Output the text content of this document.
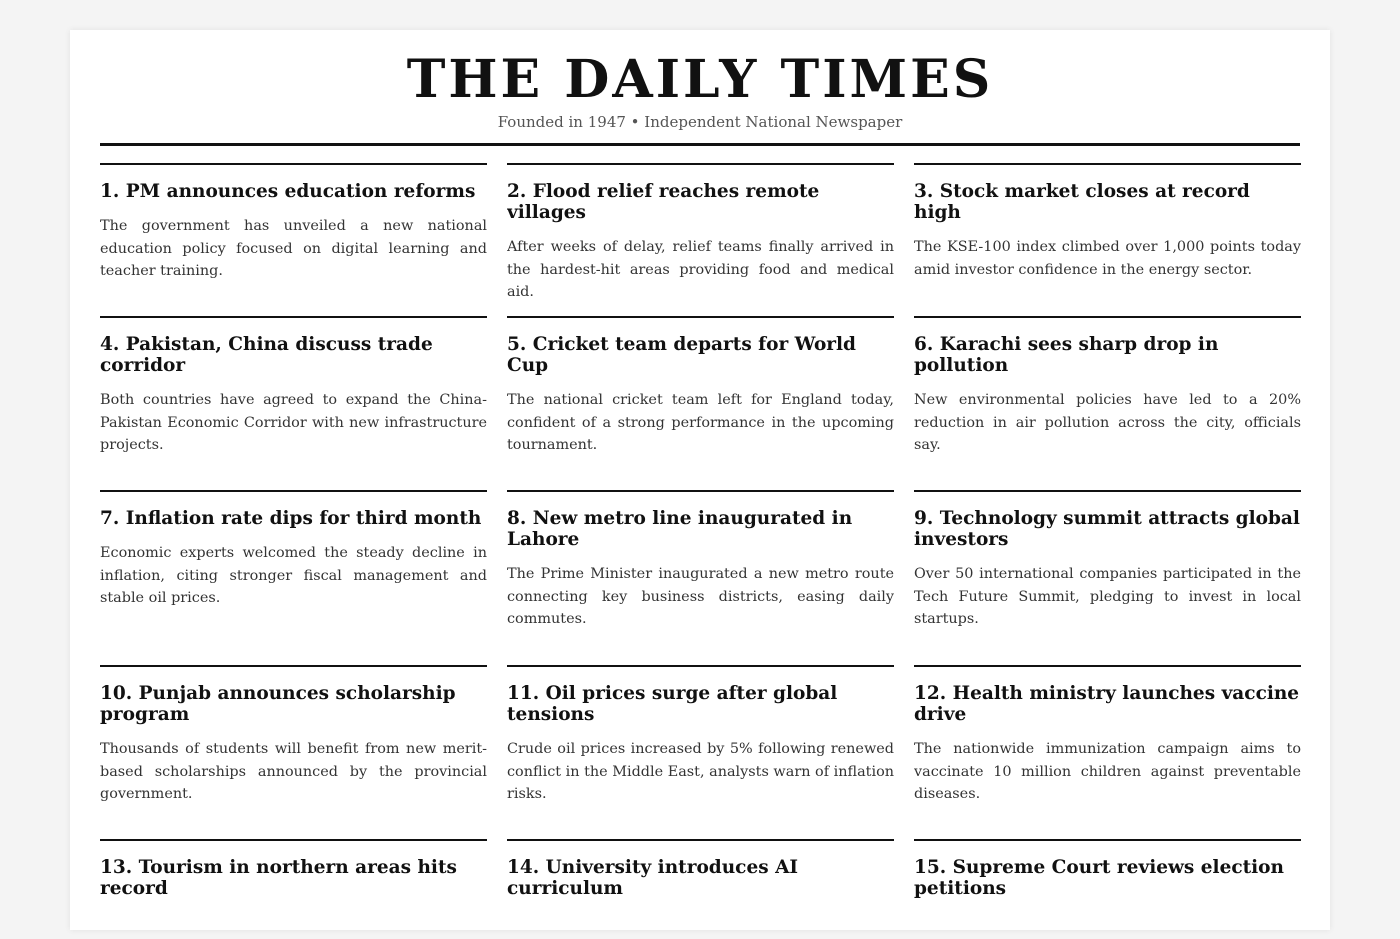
THE DAILY TIMES
Founded in 1947 • Independent National Newspaper
1. PM announces education reforms

The government has unveiled a new national education policy focused on digital learning and teacher training.

2. Flood relief reaches remote villages

After weeks of delay, relief teams finally arrived in the hardest-hit areas providing food and medical aid.

3. Stock market closes at record high

The KSE-100 index climbed over 1,000 points today amid investor confidence in the energy sector.

4. Pakistan, China discuss trade corridor

Both countries have agreed to expand the China-Pakistan Economic Corridor with new infrastructure projects.

5. Cricket team departs for World Cup

The national cricket team left for England today, confident of a strong performance in the upcoming tournament.

6. Karachi sees sharp drop in pollution

New environmental policies have led to a 20% reduction in air pollution across the city, officials say.

7. Inflation rate dips for third month

Economic experts welcomed the steady decline in inflation, citing stronger fiscal management and stable oil prices.

8. New metro line inaugurated in Lahore

The Prime Minister inaugurated a new metro route connecting key business districts, easing daily commutes.

9. Technology summit attracts global investors

Over 50 international companies participated in the Tech Future Summit, pledging to invest in local startups.

10. Punjab announces scholarship program

Thousands of students will benefit from new merit-based scholarships announced by the provincial government.

11. Oil prices surge after global tensions

Crude oil prices increased by 5% following renewed conflict in the Middle East, analysts warn of inflation risks.

12. Health ministry launches vaccine drive

The nationwide immunization campaign aims to vaccinate 10 million children against preventable diseases.

13. Tourism in northern areas hits record
14. University introduces AI curriculum
15. Supreme Court reviews election petitions
